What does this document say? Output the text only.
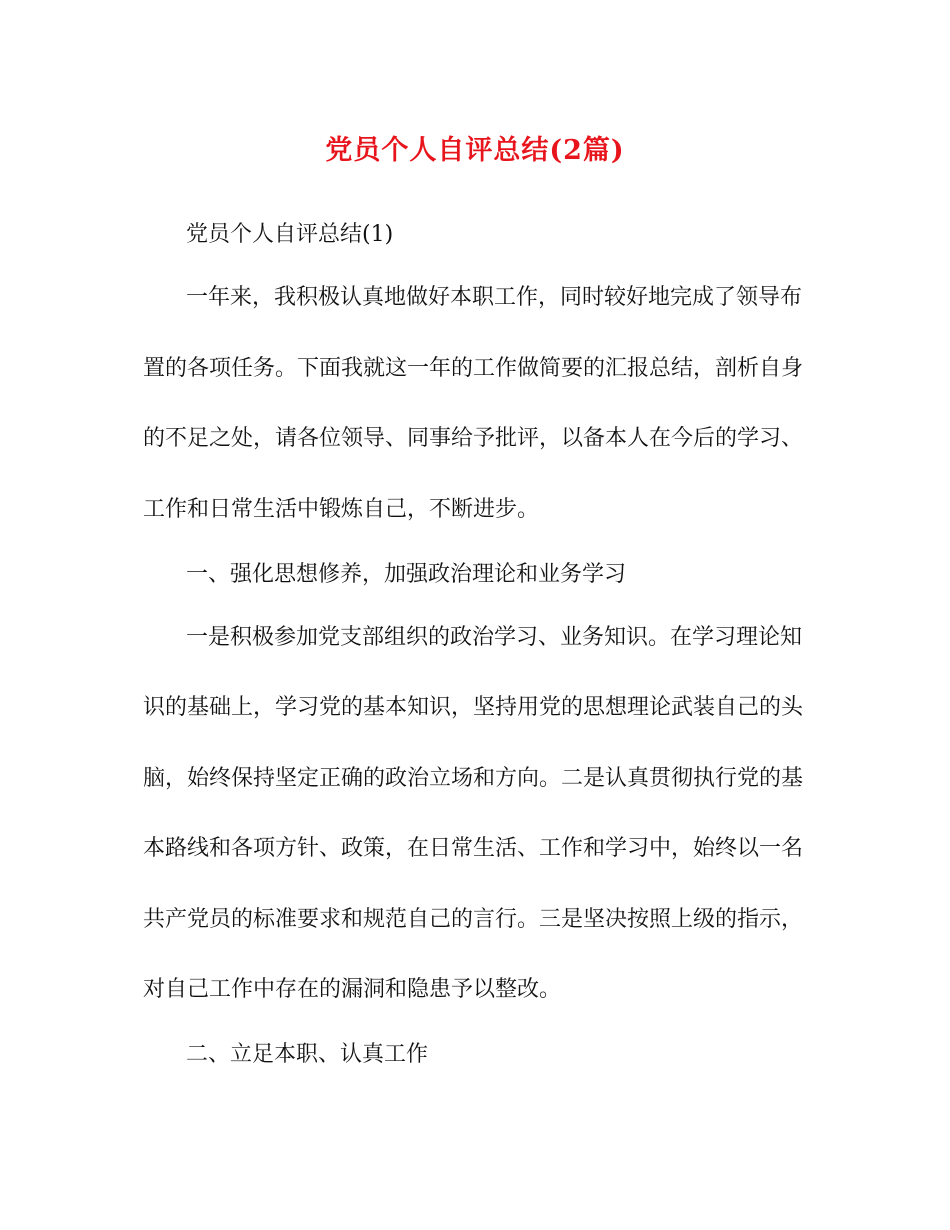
党员个人自评总结(2篇)
党员个人自评总结(1)
一年来，我积极认真地做好本职工作，同时较好地完成了领导布
置的各项任务。下面我就这一年的工作做简要的汇报总结，剖析自身
的不足之处，请各位领导、同事给予批评，以备本人在今后的学习、
工作和日常生活中锻炼自己，不断进步。
一、强化思想修养，加强政治理论和业务学习
一是积极参加党支部组织的政治学习、业务知识。在学习理论知
识的基础上，学习党的基本知识，坚持用党的思想理论武装自己的头
脑，始终保持坚定正确的政治立场和方向。二是认真贯彻执行党的基
本路线和各项方针、政策，在日常生活、工作和学习中，始终以一名
共产党员的标准要求和规范自己的言行。三是坚决按照上级的指示，
对自己工作中存在的漏洞和隐患予以整改。
二、立足本职、认真工作
